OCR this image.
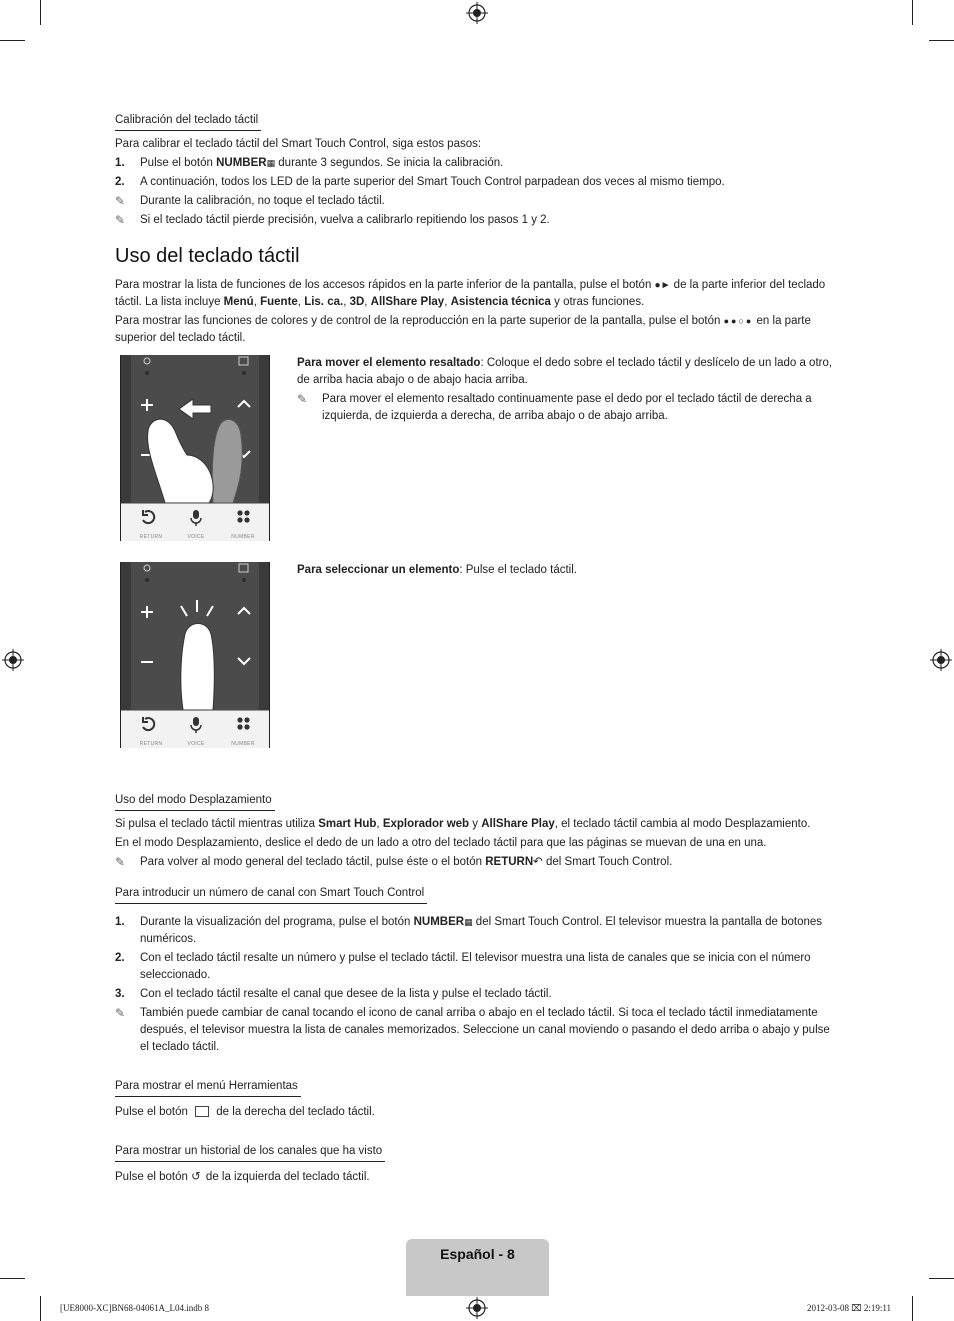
Calibración del teclado táctil
Para calibrar el teclado táctil del Smart Touch Control, siga estos pasos:
1.	Pulse el botón NUMBER▦ durante 3 segundos. Se inicia la calibración.
2.	A continuación, todos los LED de la parte superior del Smart Touch Control parpadean dos veces al mismo tiempo.
✎	Durante la calibración, no toque el teclado táctil.
✎	Si el teclado táctil pierde precisión, vuelva a calibrarlo repitiendo los pasos 1 y 2.
Uso del teclado táctil
Para mostrar la lista de funciones de los accesos rápidos en la parte inferior de la pantalla, pulse el botón ●► de la parte inferior del teclado táctil. La lista incluye Menú, Fuente, Lis. ca., 3D, AllShare Play, Asistencia técnica y otras funciones.
Para mostrar las funciones de colores y de control de la reproducción en la parte superior de la pantalla, pulse el botón ●●○● en la parte superior del teclado táctil.
RETURN	VOICE	NUMBER
Para mover el elemento resaltado: Coloque el dedo sobre el teclado táctil y deslícelo de un lado a otro, de arriba hacia abajo o de abajo hacia arriba.
✎	Para mover el elemento resaltado continuamente pase el dedo por el teclado táctil de derecha a izquierda, de izquierda a derecha, de arriba abajo o de abajo arriba.
RETURN	VOICE	NUMBER
Para seleccionar un elemento: Pulse el teclado táctil.
Uso del modo Desplazamiento
Si pulsa el teclado táctil mientras utiliza Smart Hub, Explorador web y AllShare Play, el teclado táctil cambia al modo Desplazamiento.
En el modo Desplazamiento, deslice el dedo de un lado a otro del teclado táctil para que las páginas se muevan de una en una.
✎	Para volver al modo general del teclado táctil, pulse éste o el botón RETURN↶ del Smart Touch Control.
Para introducir un número de canal con Smart Touch Control
1.	Durante la visualización del programa, pulse el botón NUMBER▦ del Smart Touch Control. El televisor muestra la pantalla de botones numéricos.
2.	Con el teclado táctil resalte un número y pulse el teclado táctil. El televisor muestra una lista de canales que se inicia con el número seleccionado.
3.	Con el teclado táctil resalte el canal que desee de la lista y pulse el teclado táctil.
✎	También puede cambiar de canal tocando el icono de canal arriba o abajo en el teclado táctil. Si toca el teclado táctil inmediatamente después, el televisor muestra la lista de canales memorizados. Seleccione un canal moviendo o pasando el dedo arriba o abajo y pulse el teclado táctil.
Para mostrar el menú Herramientas
Pulse el botón  de la derecha del teclado táctil.
Para mostrar un historial de los canales que ha visto
Pulse el botón ↺ de la izquierda del teclado táctil.
Español - 8
[UE8000-XC]BN68-04061A_L04.indb 8	2012-03-08 ⌧ 2:19:11
